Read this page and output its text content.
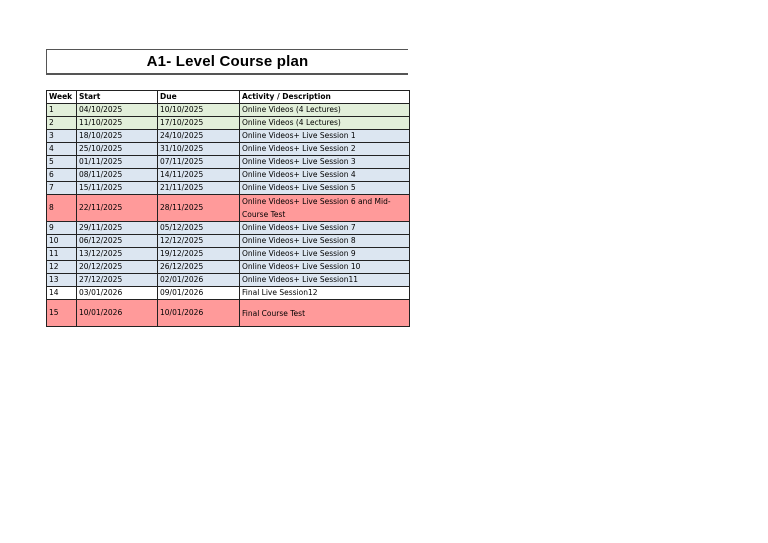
A1- Level Course plan
Week	Start	Due	Activity / Description
1	04/10/2025	10/10/2025	Online Videos (4 Lectures)
2	11/10/2025	17/10/2025	Online Videos (4 Lectures)
3	18/10/2025	24/10/2025	Online Videos+ Live Session 1
4	25/10/2025	31/10/2025	Online Videos+ Live Session 2
5	01/11/2025	07/11/2025	Online Videos+ Live Session 3
6	08/11/2025	14/11/2025	Online Videos+ Live Session 4
7	15/11/2025	21/11/2025	Online Videos+ Live Session 5
8	22/11/2025	28/11/2025	Online Videos+ Live Session 6 and Mid-Course Test
9	29/11/2025	05/12/2025	Online Videos+ Live Session 7
10	06/12/2025	12/12/2025	Online Videos+ Live Session 8
11	13/12/2025	19/12/2025	Online Videos+ Live Session 9
12	20/12/2025	26/12/2025	Online Videos+ Live Session 10
13	27/12/2025	02/01/2026	Online Videos+ Live Session11
14	03/01/2026	09/01/2026	Final Live Session12
15	10/01/2026	10/01/2026	Final Course Test
